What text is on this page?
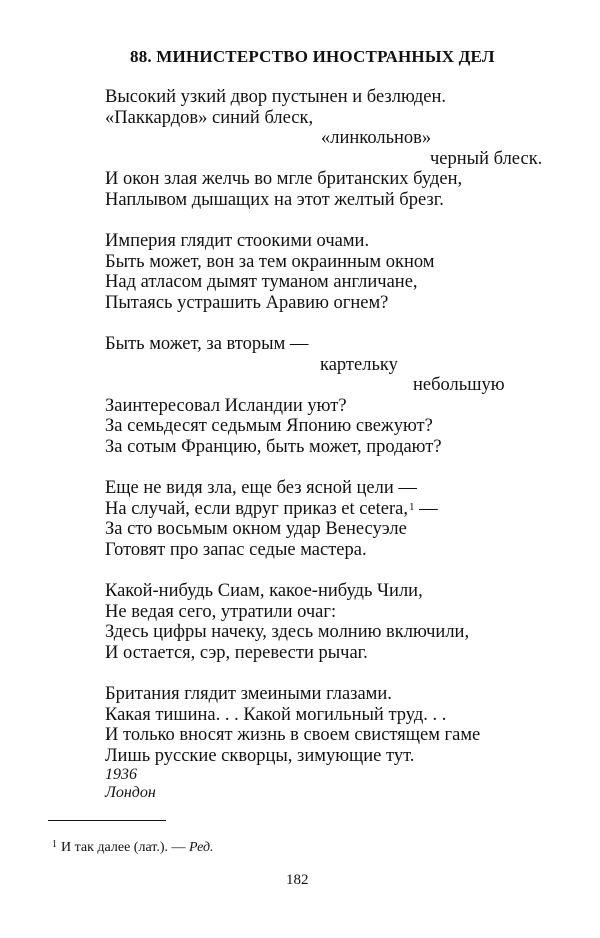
88. МИНИСТЕРСТВО ИНОСТРАННЫХ ДЕЛ
Высокий узкий двор пустынен и безлюден.
«Паккардов» синий блеск,
«линкольнов»
черный блеск.
И окон злая желчь во мгле британских буден,
Наплывом дышащих на этот желтый брезг.
Империя глядит стоокими очами.
Быть может, вон за тем окраинным окном
Над атласом дымят туманом англичане,
Пытаясь устрашить Аравию огнем?
Быть может, за вторым —
картельку
небольшую
Заинтересовал Исландии уют?
За семьдесят седьмым Японию свежуют?
За сотым Францию, быть может, продают?
Еще не видя зла, еще без ясной цели —
На случай, если вдруг приказ et cetera,$^1$ —
За сто восьмым окном удар Венесуэле
Готовят про запас седые мастера.
Какой-нибудь Сиам, какое-нибудь Чили,
Не ведая сего, утратили очаг:
Здесь цифры начеку, здесь молнию включили,
И остается, сэр, перевести рычаг.
Британия глядит змеиными глазами.
Какая тишина. . . Какой могильный труд. . .
И только вносят жизнь в своем свистящем гаме
Лишь русские скворцы, зимующие тут.
1936
Лондон
$^1$ И так далее (лат.). — Ред.
182
